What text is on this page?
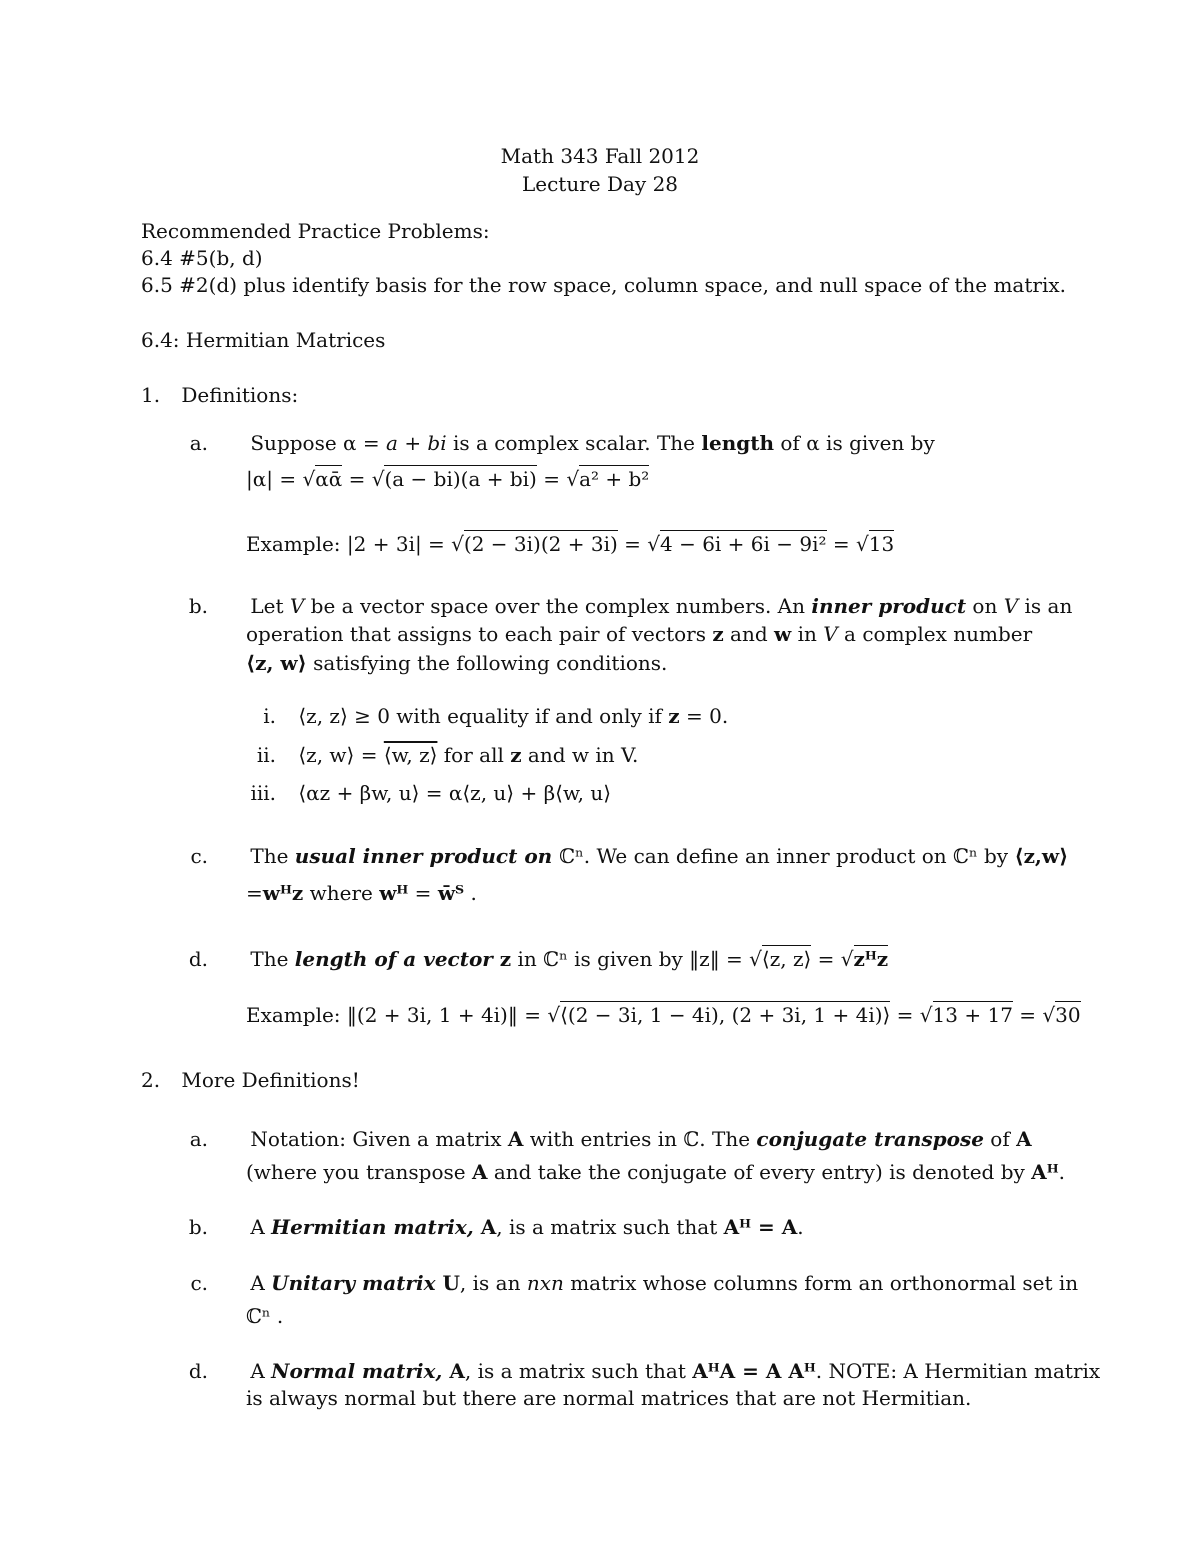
Math 343 Fall 2012
Lecture Day 28
Recommended Practice Problems:
6.4 #5(b, d)
6.5 #2(d) plus identify basis for the row space, column space, and null space of the matrix.
6.4: Hermitian Matrices
1. Definitions:
a. Suppose α = a + bi is a complex scalar. The length of α is given by
|α| = √αᾱ = √(a − bi)(a + bi) = √a² + b²
Example: |2 + 3i| = √(2 − 3i)(2 + 3i) = √4 − 6i + 6i − 9i² = √13
b. Let V be a vector space over the complex numbers. An inner product on V is an
operation that assigns to each pair of vectors z and w in V a complex number
⟨z, w⟩ satisfying the following conditions.
i. ⟨z, z⟩ ≥ 0 with equality if and only if z = 0.
ii. ⟨z, w⟩ = ⟨w, z⟩ for all z and w in V.
iii. ⟨αz + βw, u⟩ = α⟨z, u⟩ + β⟨w, u⟩
c. The usual inner product on ℂⁿ. We can define an inner product on ℂⁿ by ⟨z,w⟩
=wᴴz where wᴴ = w̄ᵀ .
d. The length of a vector z in ℂⁿ is given by ‖z‖ = √⟨z, z⟩ = √zᴴz
Example: ‖(2 + 3i, 1 + 4i)‖ = √⟨(2 − 3i, 1 − 4i), (2 + 3i, 1 + 4i)⟩ = √13 + 17 = √30
2. More Definitions!
a. Notation: Given a matrix A with entries in ℂ. The conjugate transpose of A
(where you transpose A and take the conjugate of every entry) is denoted by Aᴴ.
b. A Hermitian matrix, A, is a matrix such that Aᴴ = A.
c. A Unitary matrix U, is an nxn matrix whose columns form an orthonormal set in
ℂⁿ .
d. A Normal matrix, A, is a matrix such that AᴴA = A Aᴴ. NOTE: A Hermitian matrix
is always normal but there are normal matrices that are not Hermitian.
